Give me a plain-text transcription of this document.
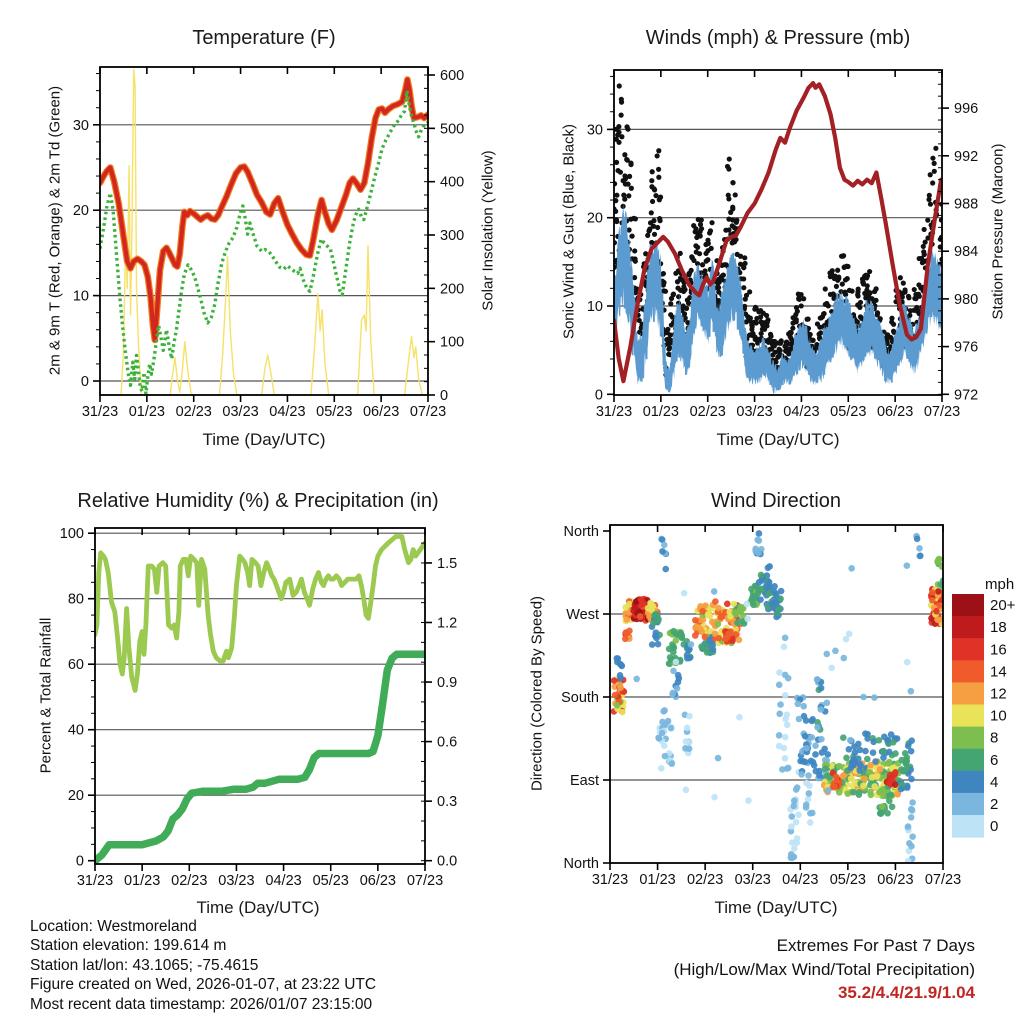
31/23 01/23 02/23 03/23 04/23 05/23 06/23 07/23
0
10
20
30
0
100
200
300
400
500
600
31/23 01/23 02/23 03/23 04/23 05/23 06/23 07/23
0
10
20
30
972
976
980
984
988
992
996
31/23 01/23 02/23 03/23 04/23 05/23 06/23 07/23
0
20
40
60
80
100
0.0
0.3
0.6
0.9
1.2
1.5
31/23 01/23 02/23 03/23 04/23 05/23 06/23 07/23
North
West
South
East
North
20+
18
16
14
12
10
8
6
4
2
0
Temperature (F)	Winds (mph) & Pressure (mb)
Relative Humidity (%) & Precipitation (in)	Wind Direction
2m & 9m T (Red, Orange) & 2m Td (Green)	Solar Insolation (Yellow)	Sonic Wind & Gust (Blue, Black)	Station Pressure (Maroon)
Percent & Total Rainfall	Direction (Colored By Speed)
Time (Day/UTC)	Time (Day/UTC)
Time (Day/UTC)	Time (Day/UTC)
mph
Location: Westmoreland
Station elevation: 199.614 m
Station lat/lon: 43.1065; -75.4615
Figure created on Wed, 2026-01-07, at 23:22 UTC
Most recent data timestamp: 2026/01/07 23:15:00
Extremes For Past 7 Days
(High/Low/Max Wind/Total Precipitation)
35.2/4.4/21.9/1.04
